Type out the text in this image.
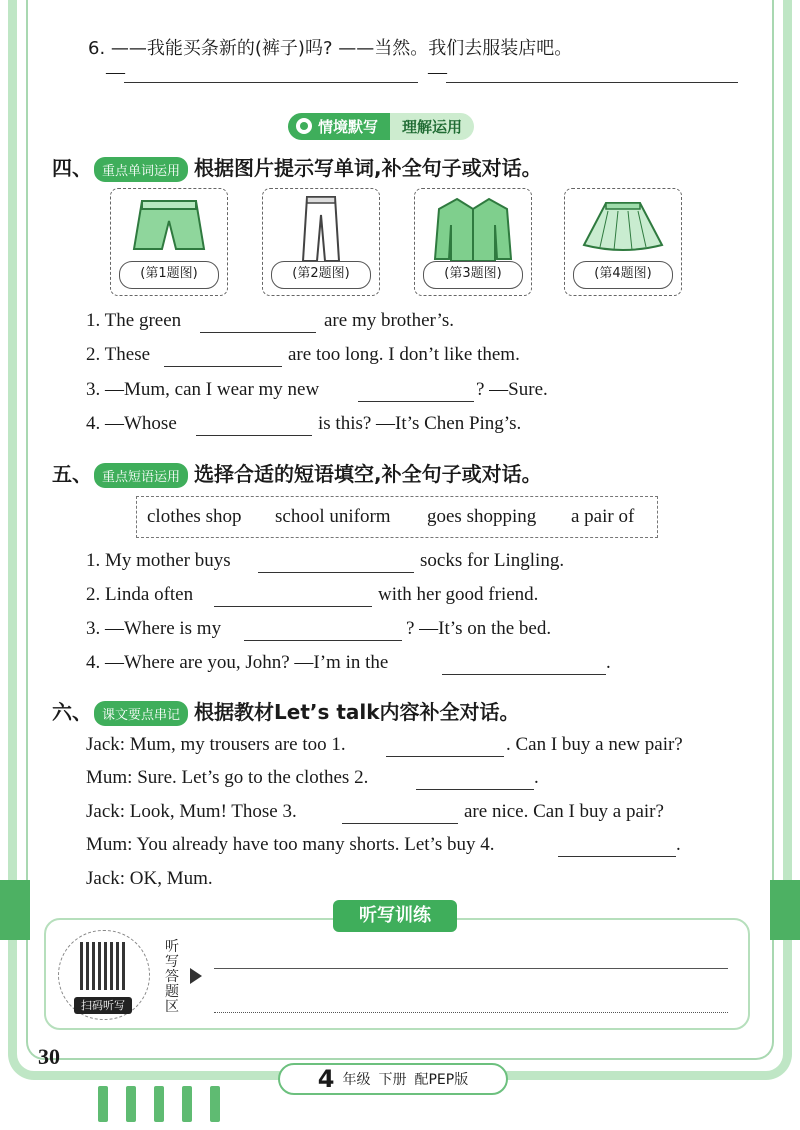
6. ——我能买条新的(裤子)吗? ——当然。我们去服装店吧。
—	—
情境默写	理解运用
四、 重点单词运用 根据图片提示写单词,补全句子或对话。
(第1题图)	(第2题图)	(第3题图)	(第4题图)
1. The green	are my brother’s.
2. These	are too long. I don’t like them.
3. —Mum, can I wear my new	? —Sure.
4. —Whose	is this? —It’s Chen Ping’s.
五、 重点短语运用 选择合适的短语填空,补全句子或对话。
clothes shop school uniform goes shopping a pair of
1. My mother buys	socks for Lingling.
2. Linda often	with her good friend.
3. —Where is my	? —It’s on the bed.
4. —Where are you, John? —I’m in the	.
六、 课文要点串记 根据教材Let’s talk内容补全对话。
Jack: Mum, my trousers are too 1.	. Can I buy a new pair?
Mum: Sure. Let’s go to the clothes 2.	.
Jack: Look, Mum! Those 3.	are nice. Can I buy a pair?
Mum: You already have too many shorts. Let’s buy 4.	.
Jack: OK, Mum.
听写训练
扫码听写
听写答题区
30
4 年级 下册 配PEP版
